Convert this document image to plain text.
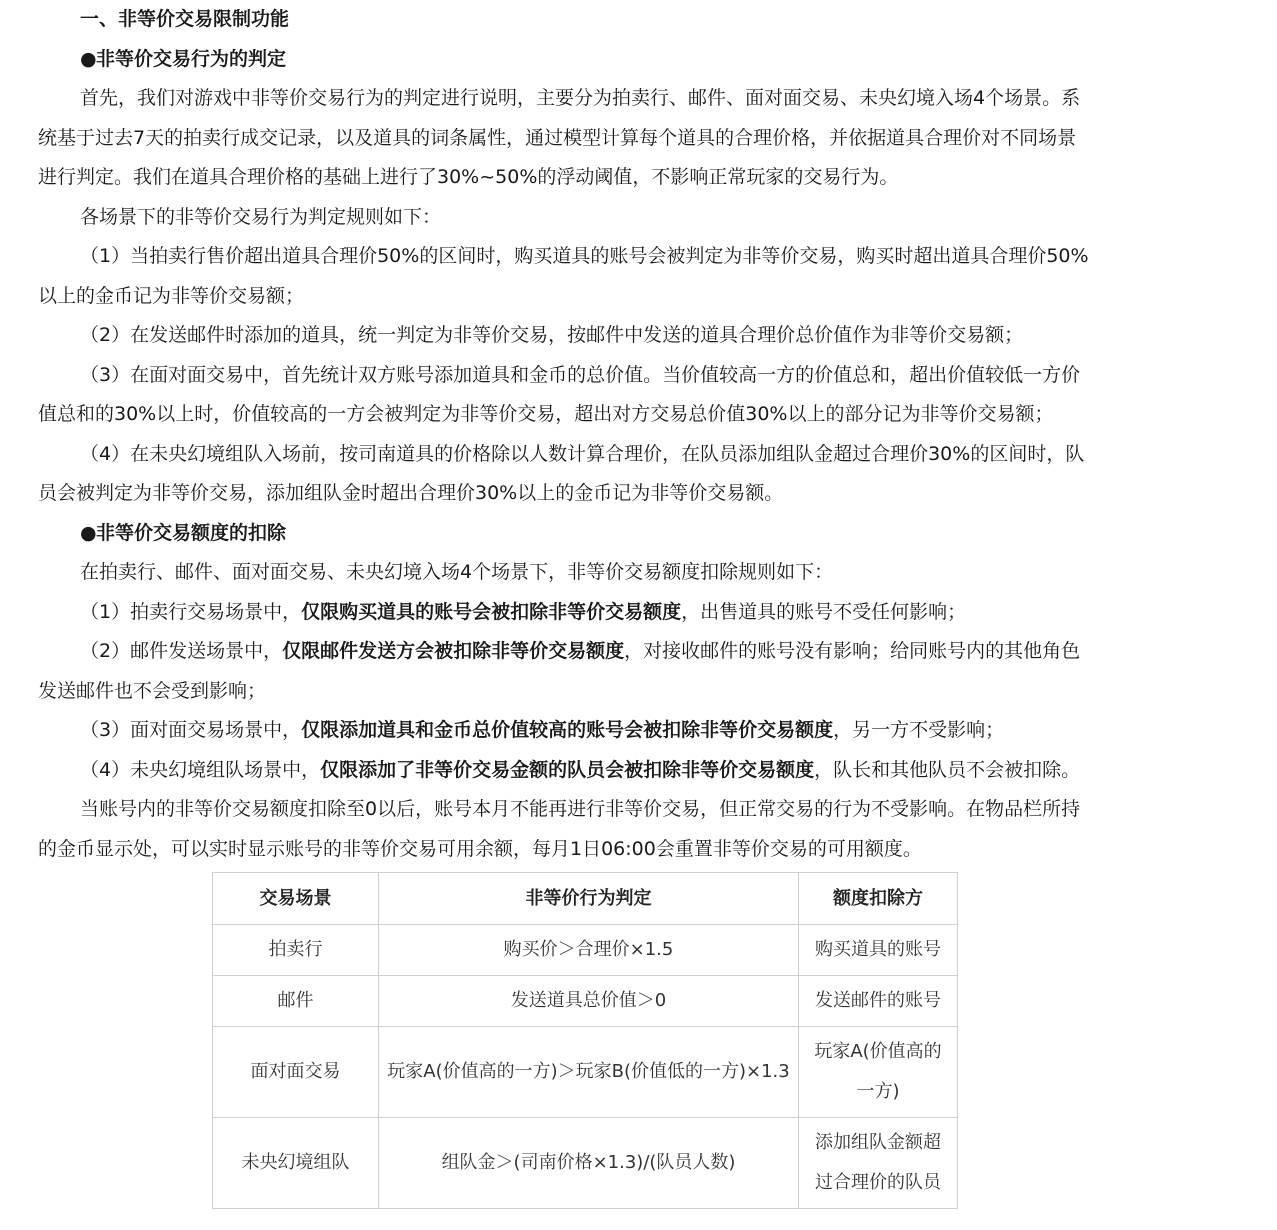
一、非等价交易限制功能
●非等价交易行为的判定
首先，我们对游戏中非等价交易行为的判定进行说明，主要分为拍卖行、邮件、面对面交易、未央幻境入场4个场景。系
统基于过去7天的拍卖行成交记录，以及道具的词条属性，通过模型计算每个道具的合理价格，并依据道具合理价对不同场景
进行判定。我们在道具合理价格的基础上进行了30%~50%的浮动阈值，不影响正常玩家的交易行为。
各场景下的非等价交易行为判定规则如下：
（1）当拍卖行售价超出道具合理价50%的区间时，购买道具的账号会被判定为非等价交易，购买时超出道具合理价50%
以上的金币记为非等价交易额；
（2）在发送邮件时添加的道具，统一判定为非等价交易，按邮件中发送的道具合理价总价值作为非等价交易额；
（3）在面对面交易中，首先统计双方账号添加道具和金币的总价值。当价值较高一方的价值总和，超出价值较低一方价
值总和的30%以上时，价值较高的一方会被判定为非等价交易，超出对方交易总价值30%以上的部分记为非等价交易额；
（4）在未央幻境组队入场前，按司南道具的价格除以人数计算合理价，在队员添加组队金超过合理价30%的区间时，队
员会被判定为非等价交易，添加组队金时超出合理价30%以上的金币记为非等价交易额。
●非等价交易额度的扣除
在拍卖行、邮件、面对面交易、未央幻境入场4个场景下，非等价交易额度扣除规则如下：
（1）拍卖行交易场景中，仅限购买道具的账号会被扣除非等价交易额度，出售道具的账号不受任何影响；
（2）邮件发送场景中，仅限邮件发送方会被扣除非等价交易额度，对接收邮件的账号没有影响；给同账号内的其他角色
发送邮件也不会受到影响；
（3）面对面交易场景中，仅限添加道具和金币总价值较高的账号会被扣除非等价交易额度，另一方不受影响；
（4）未央幻境组队场景中，仅限添加了非等价交易金额的队员会被扣除非等价交易额度，队长和其他队员不会被扣除。
当账号内的非等价交易额度扣除至0以后，账号本月不能再进行非等价交易，但正常交易的行为不受影响。在物品栏所持
的金币显示处，可以实时显示账号的非等价交易可用余额，每月1日06:00会重置非等价交易的可用额度。
交易场景	非等价行为判定	额度扣除方
拍卖行	购买价＞合理价×1.5	购买道具的账号
邮件	发送道具总价值＞0	发送邮件的账号
面对面交易	玩家A(价值高的一方)＞玩家B(价值低的一方)×1.3	玩家A(价值高的
一方)
未央幻境组队	组队金＞(司南价格×1.3)/(队员人数)	添加组队金额超
过合理价的队员
